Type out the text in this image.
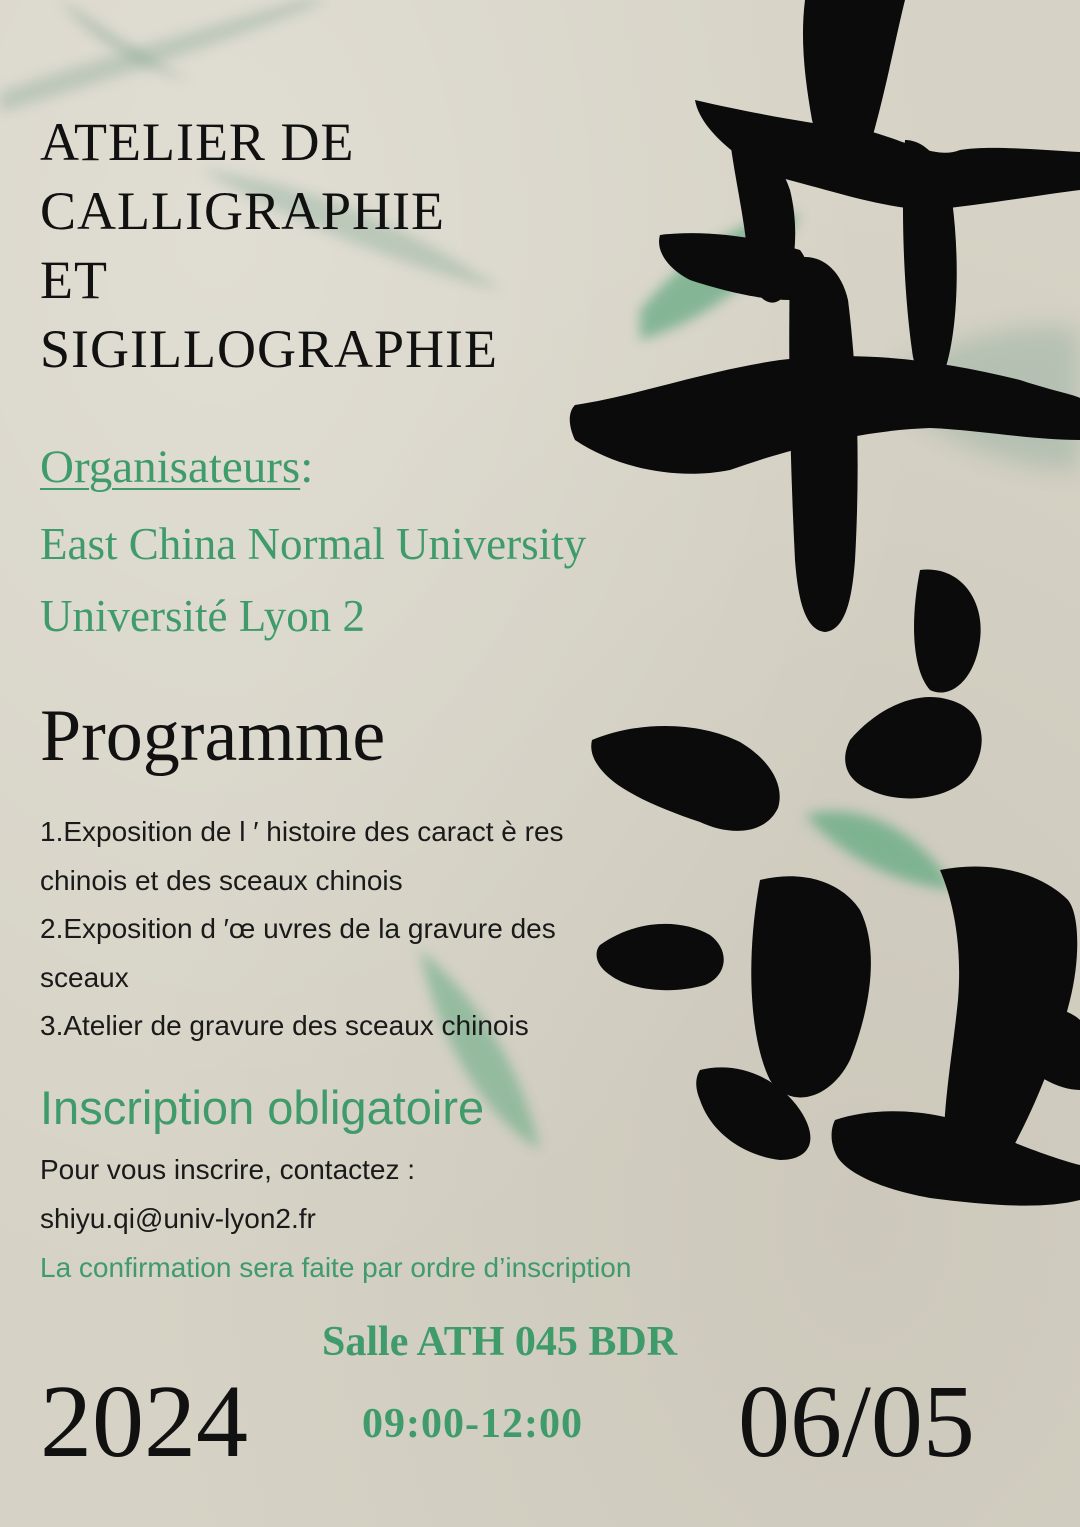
ATELIER DE
CALLIGRAPHIE
ET
SIGILLOGRAPHIE
Organisateurs:
East China Normal University
Université Lyon 2
Programme
1.Exposition de l ′ histoire des caract è res
chinois et des sceaux chinois
2.Exposition d ′œ uvres de la gravure des
sceaux
3.Atelier de gravure des sceaux chinois
Inscription obligatoire
Pour vous inscrire, contactez :
shiyu.qi@univ-lyon2.fr
La confirmation sera faite par ordre d’inscription
Salle ATH 045 BDR
09:00-12:00
2024	06/05
